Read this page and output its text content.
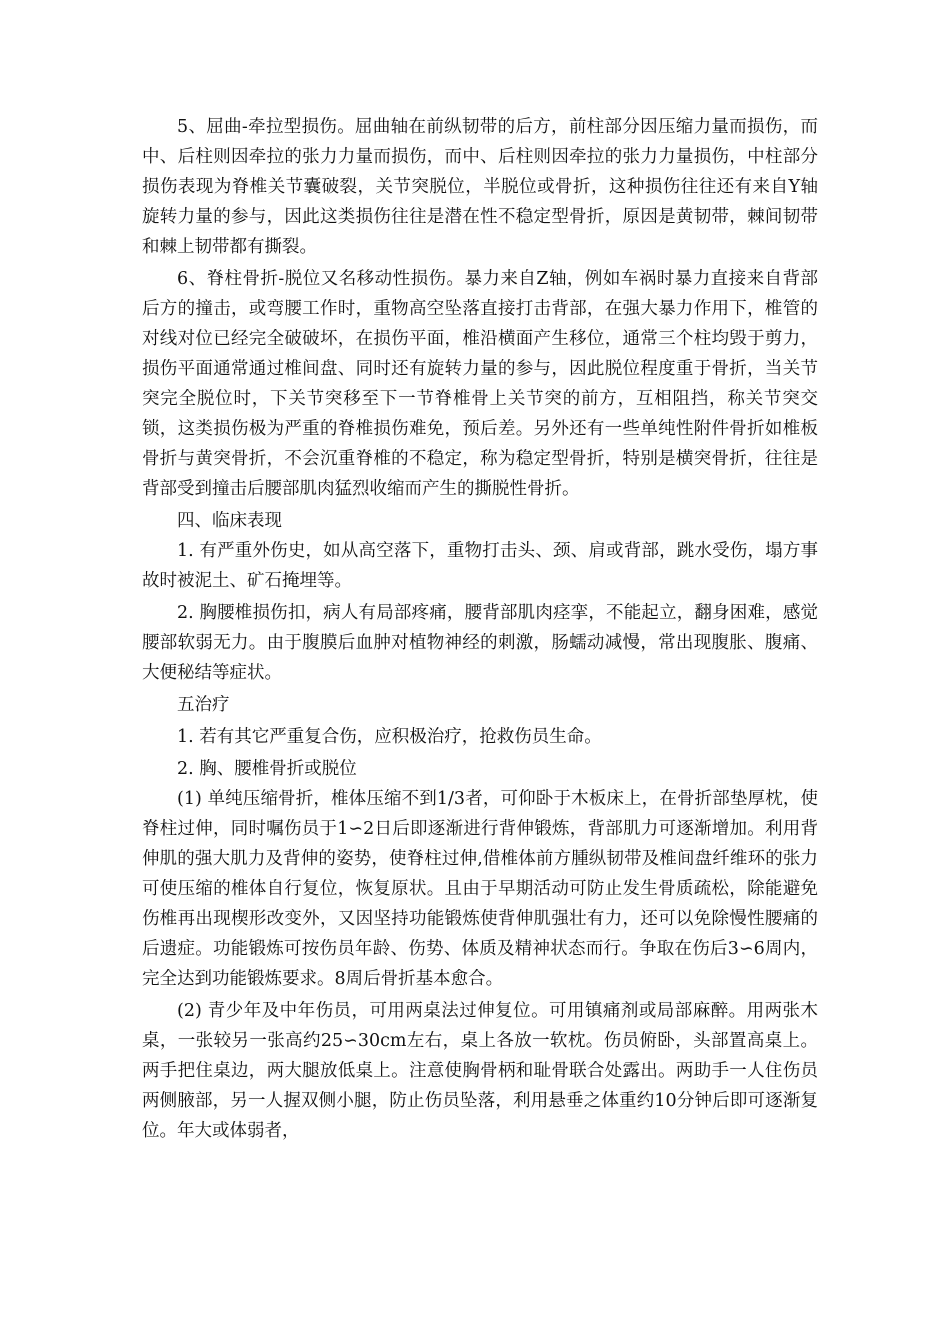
5、屈曲-牵拉型损伤。屈曲轴在前纵韧带的后方，前柱部分因压缩力量而损伤，而中、后柱则因牵拉的张力力量而损伤，而中、后柱则因牵拉的张力力量损伤，中柱部分损伤表现为脊椎关节囊破裂，关节突脱位，半脱位或骨折，这种损伤往往还有来自Y轴旋转力量的参与，因此这类损伤往往是潜在性不稳定型骨折，原因是黄韧带，棘间韧带和棘上韧带都有撕裂。

6、脊柱骨折-脱位又名移动性损伤。暴力来自Z轴，例如车祸时暴力直接来自背部后方的撞击，或弯腰工作时，重物高空坠落直接打击背部，在强大暴力作用下，椎管的对线对位已经完全破破坏，在损伤平面，椎沿横面产生移位，通常三个柱均毁于剪力，损伤平面通常通过椎间盘、同时还有旋转力量的参与，因此脱位程度重于骨折，当关节突完全脱位时，下关节突移至下一节脊椎骨上关节突的前方，互相阻挡，称关节突交锁，这类损伤极为严重的脊椎损伤难免，预后差。另外还有一些单纯性附件骨折如椎板骨折与黄突骨折，不会沉重脊椎的不稳定，称为稳定型骨折，特别是横突骨折，往往是背部受到撞击后腰部肌肉猛烈收缩而产生的撕脱性骨折。

四、临床表现

1. 有严重外伤史，如从高空落下，重物打击头、颈、肩或背部，跳水受伤，塌方事故时被泥土、矿石掩埋等。

2. 胸腰椎损伤扣，病人有局部疼痛，腰背部肌肉痉挛，不能起立，翻身困难，感觉腰部软弱无力。由于腹膜后血肿对植物神经的刺激，肠蠕动减慢，常出现腹胀、腹痛、大便秘结等症状。

五治疗

1. 若有其它严重复合伤，应积极治疗，抢救伤员生命。

2. 胸、腰椎骨折或脱位

(1) 单纯压缩骨折，椎体压缩不到1/3者，可仰卧于木板床上，在骨折部垫厚枕，使脊柱过伸，同时嘱伤员于1∽2日后即逐渐进行背伸锻炼，背部肌力可逐渐增加。利用背伸肌的强大肌力及背伸的姿势，使脊柱过伸,借椎体前方腫纵韧带及椎间盘纤维环的张力可使压缩的椎体自行复位，恢复原状。且由于早期活动可防止发生骨质疏松，除能避免伤椎再出现楔形改变外，又因坚持功能锻炼使背伸肌强壮有力，还可以免除慢性腰痛的后遗症。功能锻炼可按伤员年龄、伤势、体质及精神状态而行。争取在伤后3∽6周内，完全达到功能锻炼要求。8周后骨折基本愈合。

(2) 青少年及中年伤员，可用两桌法过伸复位。可用镇痛剂或局部麻醉。用两张木桌，一张较另一张高约25∽30cm左右，桌上各放一软枕。伤员俯卧，头部置高桌上。两手把住桌边，两大腿放低桌上。注意使胸骨柄和耻骨联合处露出。两助手一人住伤员两侧腋部，另一人握双侧小腿，防止伤员坠落，利用悬垂之体重约10分钟后即可逐渐复位。年大或体弱者，
